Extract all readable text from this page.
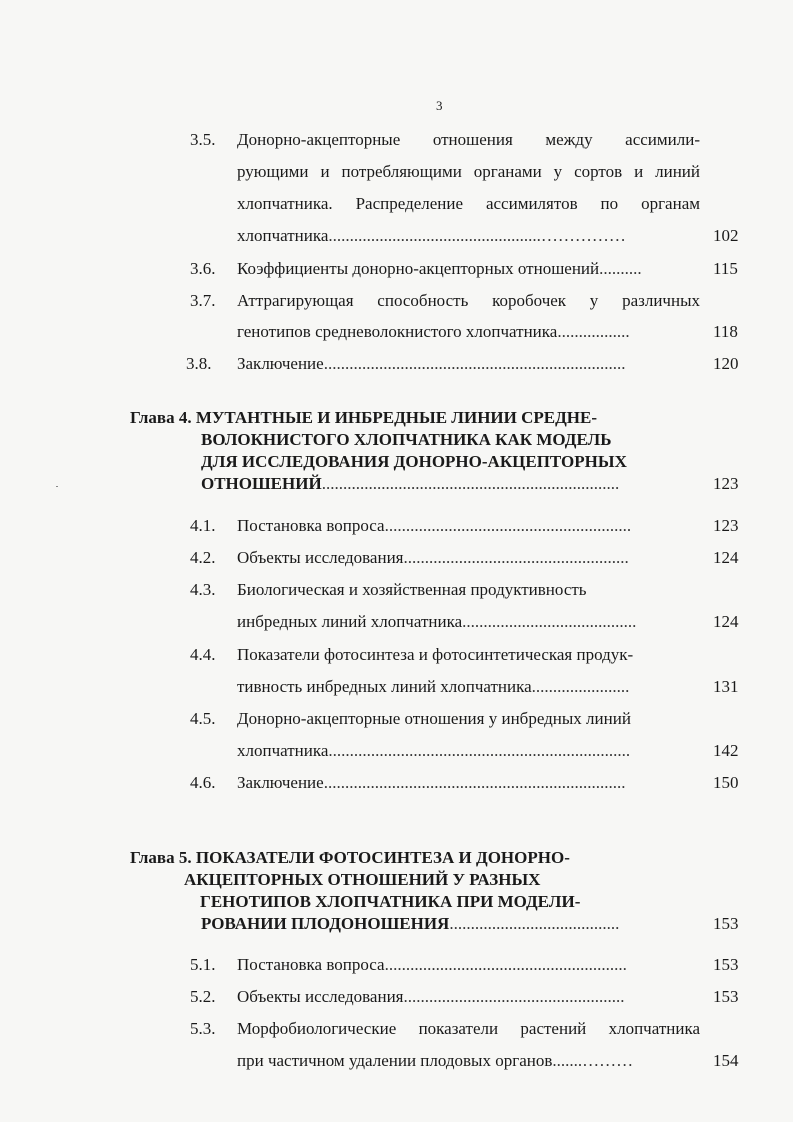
3
3.5. Донорно-акцепторные отношения между ассимили-
рующими и потребляющими органами у сортов и линий
хлопчатника. Распределение ассимилятов по органам
хлопчатника..................................................……………	102
3.6. Коэффициенты донорно-акцепторных отношений..........	115
3.7. Аттрагирующая способность коробочек у различных
генотипов средневолокнистого хлопчатника.................	118
3.8. Заключение.......................................................................	120
Глава 4. МУТАНТНЫЕ И ИНБРЕДНЫЕ ЛИНИИ СРЕДНЕ-
ВОЛОКНИСТОГО ХЛОПЧАТНИКА КАК МОДЕЛЬ
ДЛЯ ИССЛЕДОВАНИЯ ДОНОРНО-АКЦЕПТОРНЫХ
ОТНОШЕНИЙ......................................................................	123
4.1. Постановка вопроса..........................................................	123
4.2. Объекты исследования.....................................................	124
4.3. Биологическая и хозяйственная продуктивность
инбредных линий хлопчатника.........................................	124
4.4. Показатели фотосинтеза и фотосинтетическая продук-
тивность инбредных линий хлопчатника.......................	131
4.5. Донорно-акцепторные отношения у инбредных линий
хлопчатника.......................................................................	142
4.6. Заключение.......................................................................	150
Глава 5. ПОКАЗАТЕЛИ ФОТОСИНТЕЗА И ДОНОРНО-
АКЦЕПТОРНЫХ ОТНОШЕНИЙ У РАЗНЫХ
ГЕНОТИПОВ ХЛОПЧАТНИКА ПРИ МОДЕЛИ-
РОВАНИИ ПЛОДОНОШЕНИЯ........................................	153
5.1. Постановка вопроса.........................................................	153
5.2. Объекты исследования....................................................	153
5.3. Морфобиологические показатели растений хлопчатника
при частичном удалении плодовых органов.......………	154
